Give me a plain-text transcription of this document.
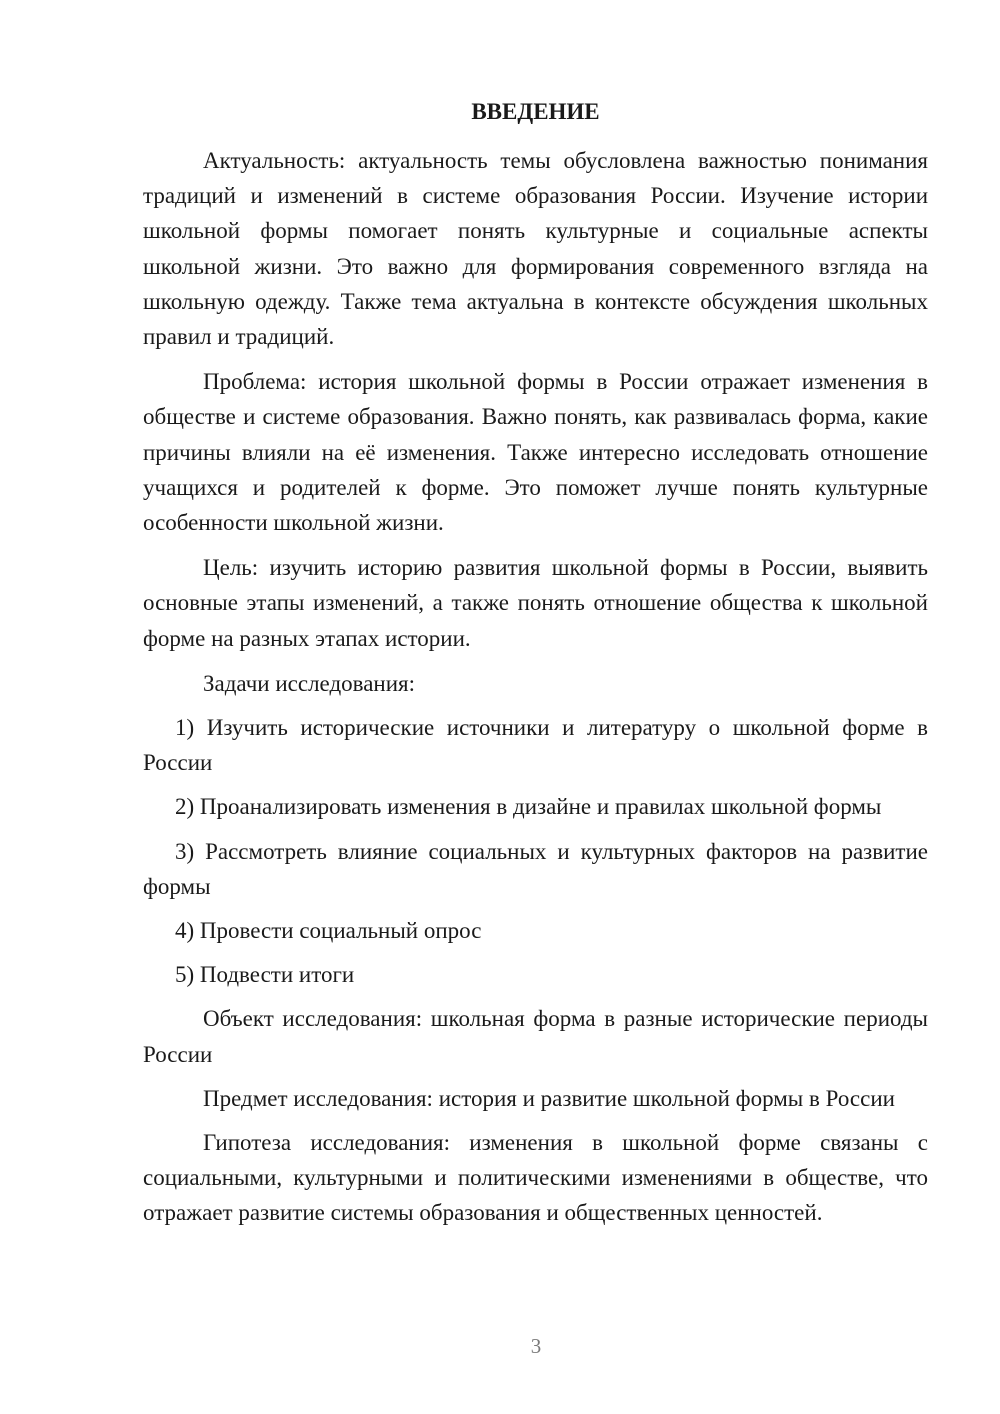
ВВЕДЕНИЕ

Актуальность: актуальность темы обусловлена важностью понимания традиций и изменений в системе образования России. Изучение истории школьной формы помогает понять культурные и социальные аспекты школьной жизни. Это важно для формирования современного взгляда на школьную одежду. Также тема актуальна в контексте обсуждения школьных правил и традиций.

Проблема: история школьной формы в России отражает изменения в обществе и системе образования. Важно понять, как развивалась форма, какие причины влияли на её изменения. Также интересно исследовать отношение учащихся и родителей к форме. Это поможет лучше понять культурные особенности школьной жизни.

Цель: изучить историю развития школьной формы в России, выявить основные этапы изменений, а также понять отношение общества к школьной форме на разных этапах истории.

Задачи исследования:

1) Изучить исторические источники и литературу о школьной форме в России

2) Проанализировать изменения в дизайне и правилах школьной формы

3) Рассмотреть влияние социальных и культурных факторов на развитие формы

4) Провести социальный опрос

5) Подвести итоги

Объект исследования: школьная форма в разные исторические периоды России

Предмет исследования: история и развитие школьной формы в России

Гипотеза исследования: изменения в школьной форме связаны с социальными, культурными и политическими изменениями в обществе, что отражает развитие системы образования и общественных ценностей.

3
